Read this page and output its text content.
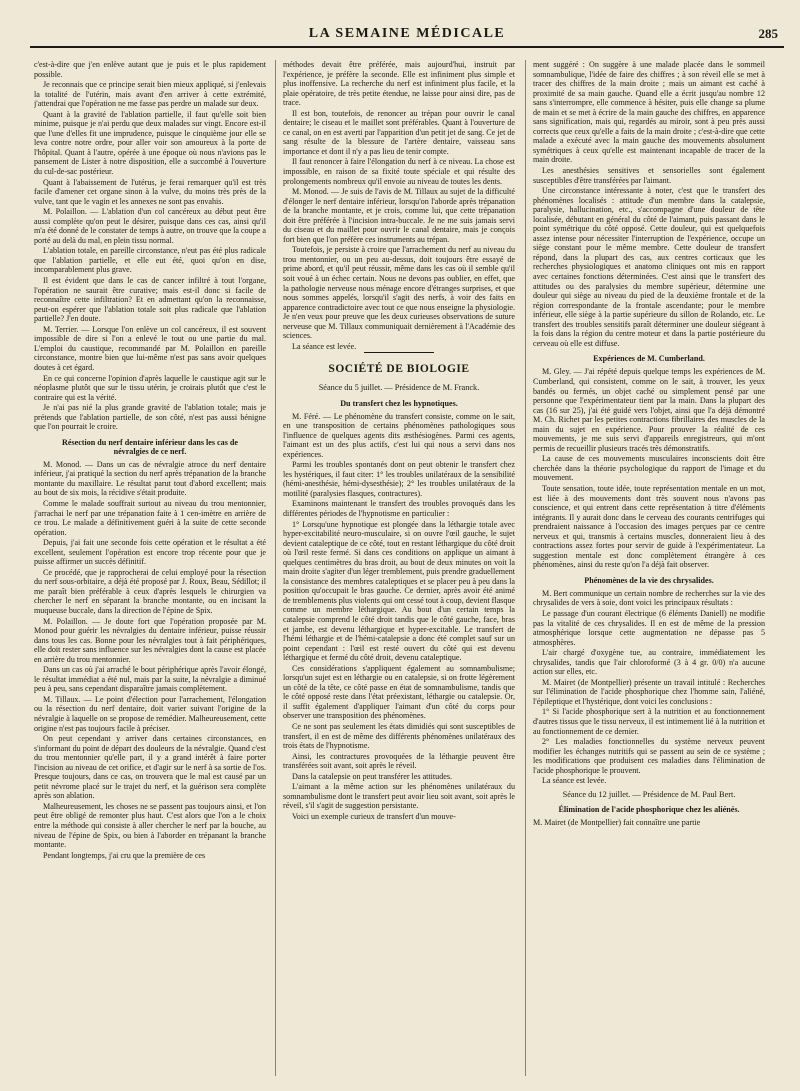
LA SEMAINE MÉDICALE	285

c'est-à-dire que j'en enlève autant que je puis et le plus rapidement possible.

Je reconnais que ce principe serait bien mieux appliqué, si j'enlevais la totalité de l'utérin, mais avant d'en arriver à cette extrémité, j'attendrai que l'opération ne me fasse pas perdre un malade sur deux.

Quant à la gravité de l'ablation partielle, il faut qu'elle soit bien minime, puisque je n'ai perdu que deux malades sur vingt. Encore est-il que l'une d'elles fit une imprudence, puisque le cinquième jour elle se leva contre notre ordre, pour aller voir son amoureux à la porte de l'hôpital. Quant à l'autre, opérée à une époque où nous n'avions pas le pansement de Lister à notre disposition, elle a succombé à l'ouverture du cul-de-sac postérieur.

Quant à l'abaissement de l'utérus, je ferai remarquer qu'il est très facile d'amener cet organe sinon à la vulve, du moins très près de la vulve, tant que le vagin et les annexes ne sont pas envahis.

M. Polaillon. — L'ablation d'un col cancéreux au début peut être aussi complète qu'on peut le désirer, puisque dans ces cas, ainsi qu'il m'a été donné de le constater de temps à autre, on trouve que la coupe a porté au delà du mal, en plein tissu normal.

L'ablation totale, en pareille circonstance, n'eut pas été plus radicale que l'ablation partielle, et elle eut été, quoi qu'on en dise, incomparablement plus grave.

Il est évident que dans le cas de cancer infiltré à tout l'organe, l'opération ne saurait être curative; mais est-il donc si facile de reconnaître cette infiltration? Et en admettant qu'on la reconnaisse, peut-on espérer que l'ablation totale soit plus radicale que l'ablation partielle? J'en doute.

M. Terrier. — Lorsque l'on enlève un col cancéreux, il est souvent impossible de dire si l'on a enlevé le tout ou une partie du mal. L'emploi du caustique, recommandé par M. Polaillon en pareille circonstance, montre bien que lui-même n'est pas sans avoir quelques doutes à cet égard.

En ce qui concerne l'opinion d'après laquelle le caustique agit sur le néoplasme plutôt que sur le tissu utérin, je croirais plutôt que c'est le contraire qui est la vérité.

Je n'ai pas nié la plus grande gravité de l'ablation totale; mais je prétends que l'ablation partielle, de son côté, n'est pas aussi bénigne que l'on pourrait le croire.

Résection du nerf dentaire inférieur dans les cas de névralgies de ce nerf.

M. Monod. — Dans un cas de névralgie atroce du nerf dentaire inférieur, j'ai pratiqué la section du nerf après trépanation de la branche montante du maxillaire. Le résultat parut tout d'abord excellent; mais au bout de six mois, la récidive s'était produite.

Comme le malade souffrait surtout au niveau du trou mentonnier, j'arrachai le nerf par une trépanation faite à 1 cen-imètre en arrière de ce trou. Le malade a définitivement guéri à la suite de cette seconde opération.

Depuis, j'ai fait une seconde fois cette opération et le résultat a été excellent, seulement l'opération est encore trop récente pour que je puisse affirmer un succès définitif.

Ce procédé, que je rapprocherai de celui employé pour la résection du nerf sous-orbitaire, a déjà été proposé par J. Roux, Beau, Sédillot; il me paraît bien préférable à ceux d'après lesquels le chirurgien va chercher le nerf en séparant la branche montante, ou en incisant la muqueuse buccale, dans la direction de l'épine de Spix.

M. Polaillon. — Je doute fort que l'opération proposée par M. Monod pour guérir les névralgies du dentaire inférieur, puisse réussir dans tous les cas. Bonne pour les névralgies tout à fait périphériques, elle doit rester sans influence sur les névralgies dont la cause est placée en arrière du trou mentonnier.

Dans un cas où j'ai arraché le bout périphérique après l'avoir élongé, le résultat immédiat a été nul, mais par la suite, la névralgie a diminué peu à peu, sans cependant disparaître jamais complètement.

M. Tillaux. — Le point d'élection pour l'arrachement, l'élongation ou la résection du nerf dentaire, doit varier suivant l'origine de la névralgie à laquelle on se propose de remédier. Malheureusement, cette origine n'est pas toujours facile à préciser.

On peut cependant y arriver dans certaines circonstances, en s'informant du point de départ des douleurs de la névralgie. Quand c'est du trou mentonnier qu'elle part, il y a grand intérêt à faire porter l'incision au niveau de cet orifice, et d'agir sur le nerf à sa sortie de l'os. Presque toujours, dans ce cas, on trouvera que le mal est causé par un petit névrome placé sur le trajet du nerf, et la guérison sera complète après son ablation.

Malheureusement, les choses ne se passent pas toujours ainsi, et l'on peut être obligé de remonter plus haut. C'est alors que l'on a le choix entre la méthode qui consiste à aller chercher le nerf par la bouche, au niveau de l'épine de Spix, ou bien à l'aborder en trépanant la branche montante.

Pendant longtemps, j'ai cru que la première de ces

méthodes devait être préférée, mais aujourd'hui, instruit par l'expérience, je préfère la seconde. Elle est infiniment plus simple et plus inoffensive. La recherche du nerf est infiniment plus facile, et la plaie opératoire, de très petite étendue, ne laisse pour ainsi dire, pas de trace.

Il est bon, toutefois, de renoncer au trépan pour ouvrir le canal dentaire; le ciseau et le maillet sont préférables. Quant à l'ouverture de ce canal, on en est averti par l'apparition d'un petit jet de sang. Ce jet de sang résulte de la blessure de l'artère dentaire, vaisseau sans importance et dont il n'y a pas lieu de tenir compte.

Il faut renoncer à faire l'élongation du nerf à ce niveau. La chose est impossible, en raison de sa fixité toute spéciale et qui résulte des prolongements nombreux qu'il envoie au niveau de toutes les dents.

M. Monod. — Je suis de l'avis de M. Tillaux au sujet de la difficulté d'élonger le nerf dentaire inférieur, lorsqu'on l'aborde après trépanation de la branche montante, et je crois, comme lui, que cette trépanation doit être préférée à l'incision intra-buccale. Je ne me suis jamais servi du ciseau et du maillet pour ouvrir le canal dentaire, mais je conçois fort bien que l'on préfère ces instruments au trépan.

Toutefois, je persiste à croire que l'arrachement du nerf au niveau du trou mentonnier, ou un peu au-dessus, doit toujours être essayé de prime abord, et qu'il peut réussir, même dans les cas où il semble qu'il soit voué à un échec certain. Nous ne devons pas oublier, en effet, que la pathologie nerveuse nous ménage encore d'étranges surprises, et que nous sommes appelés, lorsqu'il s'agit des nerfs, à voir des faits en apparence contradictoire avec tout ce que nous enseigne la physiologie. Je n'en veux pour preuve que les deux curieuses observations de suture nerveuse que M. Tillaux communiquait dernièrement à l'Académie des sciences.

La séance est levée.

SOCIÉTÉ DE BIOLOGIE

Séance du 5 juillet. — Présidence de M. Franck.

Du transfert chez les hypnotiques.

M. Féré. — Le phénomène du transfert consiste, comme on le sait, en une transposition de certains phénomènes pathologiques sous l'influence de quelques agents dits æsthésiogènes. Parmi ces agents, l'aimant est un des plus actifs, c'est lui qui nous a servi dans nos expériences.

Parmi les troubles spontanés dont on peut obtenir le transfert chez les hystériques, il faut citer: 1° les troubles unilatéraux de la sensibilité (hémi-anesthésie, hémi-dysesthésie); 2° les troubles unilatéraux de la motilité (paralysies flasques, contractures).

Examinons maintenant le transfert des troubles provoqués dans les différentes périodes de l'hypnotisme en particulier :

1° Lorsqu'une hypnotique est plongée dans la léthargie totale avec hyper-excitabilité neuro-musculaire, si on ouvre l'œil gauche, le sujet devient cataleptique de ce côté, tout en restant léthargique du côté droit où l'œil reste fermé. Si dans ces conditions on applique un aimant à quelques centimètres du bras droit, au bout de deux minutes on voit la main droite s'agiter d'un léger tremblement, puis prendre graduellement la consistance des membres cataleptiques et se placer peu à peu dans la position qu'occupait le bras gauche. Ce dernier, après avoir été animé de tremblements plus violents qui ont cessé tout à coup, devient flasque comme un membre léthargique. Au bout d'un certain temps la catalepsie comprend le côté droit tandis que le côté gauche, face, bras et jambe, est devenu léthargique et hyper-excitable. Le transfert de l'hémi léthargie et de l'hémi-catalepsie a donc été complet sauf sur un point cependant : l'œil est resté ouvert du côté qui est devenu léthargique et fermé du côté droit, devenu cataleptique.

Ces considérations s'appliquent également au somnambulisme; lorsqu'un sujet est en léthargie ou en catalepsie, si on frotte légèrement un côté de la tête, ce côté passe en état de somnambulisme, tandis que le côté opposé reste dans l'état préexistant, léthargie ou catalepsie. Or, il suffit également d'appliquer l'aimant d'un côté du corps pour observer une transposition des phénomènes.

Ce ne sont pas seulement les états dimidiés qui sont susceptibles de transfert, il en est de même des différents phénomènes unilatéraux des trois états de l'hypnotisme.

Ainsi, les contractures provoquées de la léthargie peuvent être transférées soit avant, soit après le réveil.

Dans la catalepsie on peut transférer les attitudes.

L'aimant a la même action sur les phénomènes unilatéraux du somnambulisme dont le transfert peut avoir lieu soit avant, soit après le réveil, s'il s'agit de suggestion persistante.

Voici un exemple curieux de transfert d'un mouve-

ment suggéré : On suggère à une malade placée dans le sommeil somnambulique, l'idée de faire des chiffres ; à son réveil elle se met à tracer des chiffres de la main droite ; mais un aimant est caché à proximité de sa main gauche. Quand elle a écrit jusqu'au nombre 12 sans s'interrompre, elle commence à hésiter, puis elle change sa plume de main et se met à écrire de la main gauche des chiffres, en apparence sans signification, mais qui, regardés au miroir, sont à peu près aussi corrects que ceux qu'elle a faits de la main droite ; c'est-à-dire que cette malade a exécuté avec la main gauche des mouvements absolument symétriques à ceux qu'elle est maintenant incapable de tracer de la main droite.

Les anesthésies sensitives et sensorielles sont également susceptibles d'être transférées par l'aimant.

Une circonstance intéressante à noter, c'est que le transfert des phénomènes localisés : attitude d'un membre dans la catalepsie, paralysie, hallucination, etc., s'accompagne d'une douleur de tête localisée, débutant en général du côté de l'aimant, puis passant dans le point symétrique du côté opposé. Cette douleur, qui est quelquefois assez intense pour nécessiter l'interruption de l'expérience, occupe un siège constant pour le même membre. Cette douleur de transfert répond, dans la plupart des cas, aux centres corticaux que les recherches physiologiques et anatomo cliniques ont mis en rapport avec certaines fonctions déterminées. C'est ainsi que le transfert des attitudes ou des paralysies du membre supérieur, détermine une douleur qui siège au niveau du pied de la deuxième frontale et de la région correspondante de la frontale ascendante; pour le membre inférieur, elle siège à la partie supérieure du sillon de Rolando, etc. Le transfert des troubles sensitifs paraît déterminer une douleur siégeant à la fois dans la région du centre moteur et dans la partie postérieure du cerveau où elle est diffuse.

Expériences de M. Cumberland.

M. Gley. — J'ai répété depuis quelque temps les expériences de M. Cumberland, qui consistent, comme on le sait, à trouver, les yeux bandés ou fermés, un objet caché ou simplement pensé par une personne que l'expérimentateur tient par la main. Dans la plupart des cas (16 sur 25), j'ai été guidé vers l'objet, ainsi que l'a déjà démontré M. Ch. Richet par les petites contractions fibrillaires des muscles de la main du sujet en expérience. Pour prouver la réalité de ces mouvements, je me suis servi d'appareils enregistreurs, qui m'ont permis de recueillir plusieurs tracés très démonstratifs.

La cause de ces mouvements musculaires inconscients doit être cherchée dans la théorie psychologique du rapport de l'image et du mouvement.

Toute sensation, toute idée, toute représentation mentale en un mot, est liée à des mouvements dont très souvent nous n'avons pas conscience, et qui entrent dans cette représentation à titre d'éléments intégrants. Il y aurait donc dans le cerveau des courants centrifuges qui prendraient naissance à l'occasion des images perçues par ce centre nerveux et qui, transmis à certains muscles, donneraient lieu à des contractions assez fortes pour servir de guide à l'expérimentateur. La suggestion mentale est donc complètement étrangère à ces phénomènes, ainsi du reste qu'on l'a déjà fait observer.

Phénomènes de la vie des chrysalides.

M. Bert communique un certain nombre de recherches sur la vie des chrysalides de vers à soie, dont voici les principaux résultats :

Le passage d'un courant électrique (6 éléments Daniell) ne modifie pas la vitalité de ces chrysalides. Il en est de même de la pression atmosphérique lorsque cette augmentation ne dépasse pas 5 atmosphères.

L'air chargé d'oxygène tue, au contraire, immédiatement les chrysalides, tandis que l'air chloroformé (3 à 4 gr. 0/0) n'a aucune action sur elles, etc.

M. Mairet (de Montpellier) présente un travail intitulé : Recherches sur l'élimination de l'acide phosphorique chez l'homme sain, l'aliéné, l'épileptique et l'hystérique, dont voici les conclusions :

1° Si l'acide phosphorique sert à la nutrition et au fonctionnement d'autres tissus que le tissu nerveux, il est intimement lié à la nutrition et au fonctionnement de ce dernier.

2° Les maladies fonctionnelles du système nerveux peuvent modifier les échanges nutritifs qui se passent au sein de ce système ; les modifications que produisent ces maladies dans l'élimination de l'acide phosphorique le prouvent.

La séance est levée.

Séance du 12 juillet. — Présidence de M. Paul Bert.

Élimination de l'acide phosphorique chez les aliénés.

M. Mairet (de Montpellier) fait connaître une partie
